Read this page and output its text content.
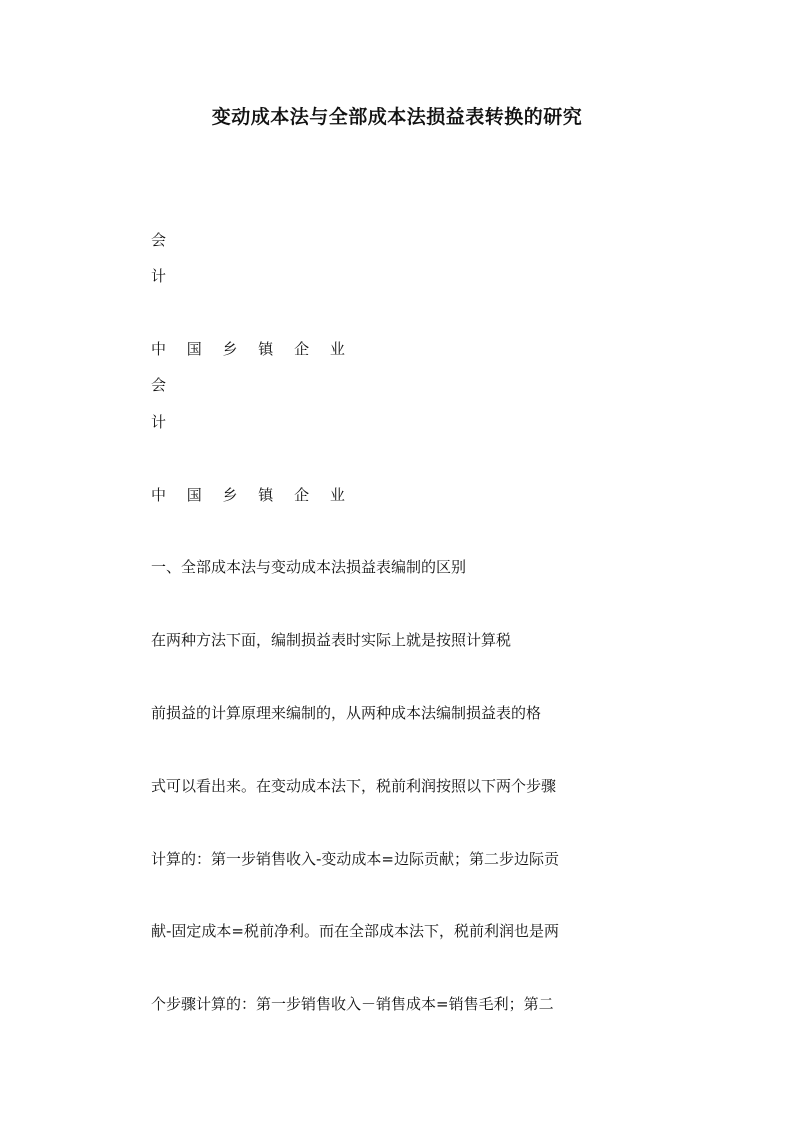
变动成本法与全部成本法损益表转换的研究
会
计
中 国 乡 镇 企 业
会
计
中 国 乡 镇 企 业
一、全部成本法与变动成本法损益表编制的区别
在两种方法下面，编制损益表时实际上就是按照计算税
前损益的计算原理来编制的，从两种成本法编制损益表的格
式可以看出来。在变动成本法下，税前利润按照以下两个步骤
计算的：第一步销售收入-变动成本=边际贡献；第二步边际贡
献-固定成本=税前净利。而在全部成本法下，税前利润也是两
个步骤计算的：第一步销售收入－销售成本=销售毛利；第二
